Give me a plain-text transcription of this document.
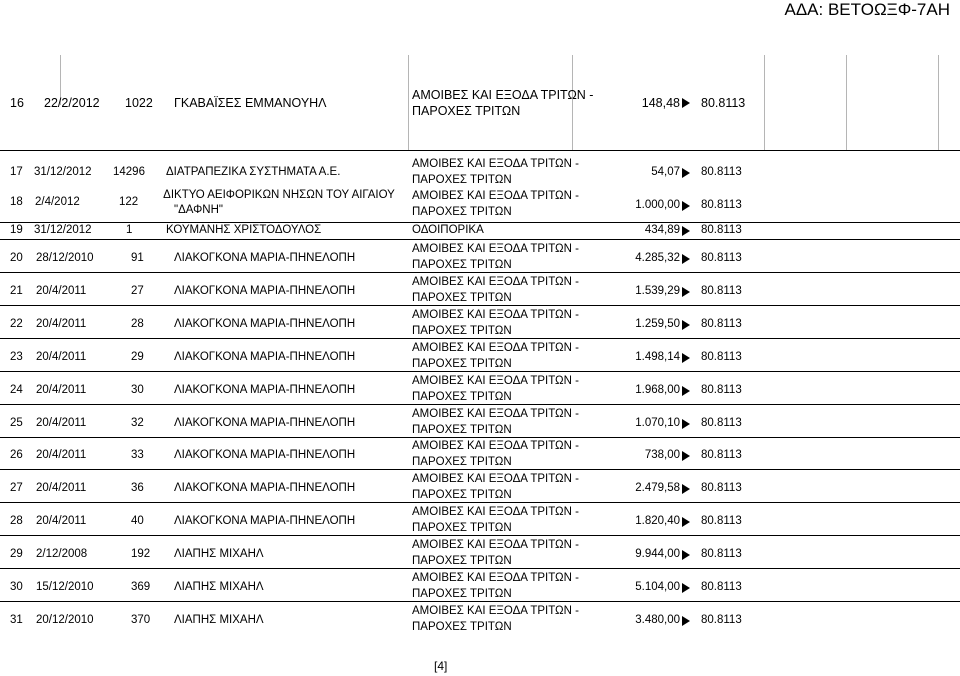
ΑΔΑ: ΒΕΤΟΩΞΦ-7ΑΗ
16 22/2/2012 1022 ΓΚΑΒΑΪΣΕΣ ΕΜΜΑΝΟΥΗΛ
ΑΜΟΙΒΕΣ ΚΑΙ ΕΞΟΔΑ ΤΡΙΤΩΝ -
ΠΑΡΟΧΕΣ ΤΡΙΤΩΝ
148,48 80.8113
17 31/12/2012 14296 ΔΙΑΤΡΑΠΕΖΙΚΑ ΣΥΣΤΗΜΑΤΑ Α.Ε.
ΑΜΟΙΒΕΣ ΚΑΙ ΕΞΟΔΑ ΤΡΙΤΩΝ -
ΠΑΡΟΧΕΣ ΤΡΙΤΩΝ
54,07 80.8113
18 2/4/2012	122
ΔΙΚΤΥΟ ΑΕΙΦΟΡΙΚΩΝ ΝΗΣΩΝ ΤΟΥ ΑΙΓΑΙΟΥ
"ΔΑΦΝΗ"
ΑΜΟΙΒΕΣ ΚΑΙ ΕΞΟΔΑ ΤΡΙΤΩΝ -
ΠΑΡΟΧΕΣ ΤΡΙΤΩΝ
1.000,00 80.8113
19 31/12/2012	1	ΚΟΥΜΑΝΗΣ ΧΡΙΣΤΟΔΟΥΛΟΣ	ΟΔΟΙΠΟΡΙΚΑ	434,89 80.8113
20 28/12/2010	91	ΛΙΑΚΟΓΚΟΝΑ ΜΑΡΙΑ-ΠΗΝΕΛΟΠΗ
ΑΜΟΙΒΕΣ ΚΑΙ ΕΞΟΔΑ ΤΡΙΤΩΝ -
ΠΑΡΟΧΕΣ ΤΡΙΤΩΝ
4.285,32 80.8113
21 20/4/2011	27	ΛΙΑΚΟΓΚΟΝΑ ΜΑΡΙΑ-ΠΗΝΕΛΟΠΗ
ΑΜΟΙΒΕΣ ΚΑΙ ΕΞΟΔΑ ΤΡΙΤΩΝ -
ΠΑΡΟΧΕΣ ΤΡΙΤΩΝ
1.539,29 80.8113
22 20/4/2011	28	ΛΙΑΚΟΓΚΟΝΑ ΜΑΡΙΑ-ΠΗΝΕΛΟΠΗ
ΑΜΟΙΒΕΣ ΚΑΙ ΕΞΟΔΑ ΤΡΙΤΩΝ -
ΠΑΡΟΧΕΣ ΤΡΙΤΩΝ
1.259,50 80.8113
23 20/4/2011	29	ΛΙΑΚΟΓΚΟΝΑ ΜΑΡΙΑ-ΠΗΝΕΛΟΠΗ
ΑΜΟΙΒΕΣ ΚΑΙ ΕΞΟΔΑ ΤΡΙΤΩΝ -
ΠΑΡΟΧΕΣ ΤΡΙΤΩΝ
1.498,14 80.8113
24 20/4/2011	30	ΛΙΑΚΟΓΚΟΝΑ ΜΑΡΙΑ-ΠΗΝΕΛΟΠΗ
ΑΜΟΙΒΕΣ ΚΑΙ ΕΞΟΔΑ ΤΡΙΤΩΝ -
ΠΑΡΟΧΕΣ ΤΡΙΤΩΝ
1.968,00 80.8113
25 20/4/2011	32	ΛΙΑΚΟΓΚΟΝΑ ΜΑΡΙΑ-ΠΗΝΕΛΟΠΗ
ΑΜΟΙΒΕΣ ΚΑΙ ΕΞΟΔΑ ΤΡΙΤΩΝ -
ΠΑΡΟΧΕΣ ΤΡΙΤΩΝ
1.070,10 80.8113
26 20/4/2011	33	ΛΙΑΚΟΓΚΟΝΑ ΜΑΡΙΑ-ΠΗΝΕΛΟΠΗ
ΑΜΟΙΒΕΣ ΚΑΙ ΕΞΟΔΑ ΤΡΙΤΩΝ -
ΠΑΡΟΧΕΣ ΤΡΙΤΩΝ
738,00 80.8113
27 20/4/2011	36	ΛΙΑΚΟΓΚΟΝΑ ΜΑΡΙΑ-ΠΗΝΕΛΟΠΗ
ΑΜΟΙΒΕΣ ΚΑΙ ΕΞΟΔΑ ΤΡΙΤΩΝ -
ΠΑΡΟΧΕΣ ΤΡΙΤΩΝ
2.479,58 80.8113
28 20/4/2011	40	ΛΙΑΚΟΓΚΟΝΑ ΜΑΡΙΑ-ΠΗΝΕΛΟΠΗ
ΑΜΟΙΒΕΣ ΚΑΙ ΕΞΟΔΑ ΤΡΙΤΩΝ -
ΠΑΡΟΧΕΣ ΤΡΙΤΩΝ
1.820,40 80.8113
29 2/12/2008	192 ΛΙΑΠΗΣ ΜΙΧΑΗΛ
ΑΜΟΙΒΕΣ ΚΑΙ ΕΞΟΔΑ ΤΡΙΤΩΝ -
ΠΑΡΟΧΕΣ ΤΡΙΤΩΝ
9.944,00 80.8113
30 15/12/2010	369 ΛΙΑΠΗΣ ΜΙΧΑΗΛ
ΑΜΟΙΒΕΣ ΚΑΙ ΕΞΟΔΑ ΤΡΙΤΩΝ -
ΠΑΡΟΧΕΣ ΤΡΙΤΩΝ
5.104,00 80.8113
31 20/12/2010	370 ΛΙΑΠΗΣ ΜΙΧΑΗΛ
ΑΜΟΙΒΕΣ ΚΑΙ ΕΞΟΔΑ ΤΡΙΤΩΝ -
ΠΑΡΟΧΕΣ ΤΡΙΤΩΝ
3.480,00 80.8113
[4]
